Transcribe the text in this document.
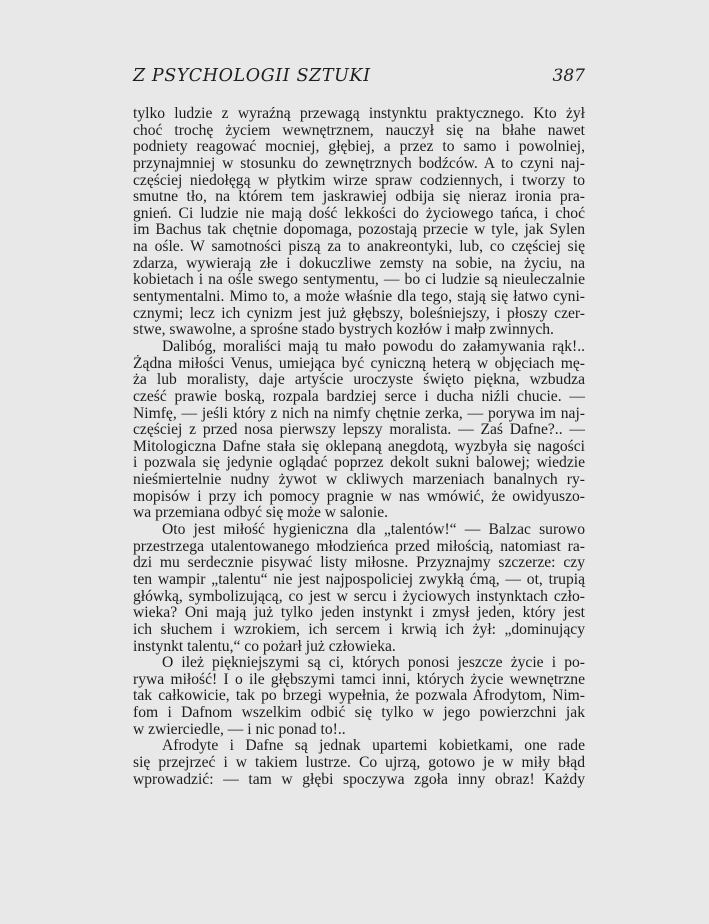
Z PSYCHOLOGII SZTUKI	387
tylko ludzie z wyraźną przewagą instynktu praktycznego. Kto żył
choć trochę życiem wewnętrznem, nauczył się na błahe nawet
podniety reagować mocniej, głębiej, a przez to samo i powolniej,
przynajmniej w stosunku do zewnętrznych bodźców. A to czyni naj-
częściej niedołęgą w płytkim wirze spraw codziennych, i tworzy to
smutne tło, na którem tem jaskrawiej odbija się nieraz ironia pra-
gnień. Ci ludzie nie mają dość lekkości do życiowego tańca, i choć
im Bachus tak chętnie dopomaga, pozostają przecie w tyle, jak Sylen
na ośle. W samotności piszą za to anakreontyki, lub, co częściej się
zdarza, wywierają złe i dokuczliwe zemsty na sobie, na życiu, na
kobietach i na ośle swego sentymentu, — bo ci ludzie są nieuleczalnie
sentymentalni. Mimo to, a może właśnie dla tego, stają się łatwo cyni-
cznymi; lecz ich cynizm jest już głębszy, boleśniejszy, i płoszy czer-
stwe, swawolne, a sprośne stado bystrych kozłów i małp zwinnych.
Dalibóg, moraliści mają tu mało powodu do załamywania rąk!..
Żądna miłości Venus, umiejąca być cyniczną heterą w objęciach mę-
ża lub moralisty, daje artyście uroczyste święto piękna, wzbudza
cześć prawie boską, rozpala bardziej serce i ducha niźli chucie. —
Nimfę, — jeśli który z nich na nimfy chętnie zerka, — porywa im naj-
częściej z przed nosa pierwszy lepszy moralista. — Zaś Dafne?.. —
Mitologiczna Dafne stała się oklepaną anegdotą, wyzbyła się nagości
i pozwala się jedynie oglądać poprzez dekolt sukni balowej; wiedzie
nieśmiertelnie nudny żywot w ckliwych marzeniach banalnych ry-
mopisów i przy ich pomocy pragnie w nas wmówić, że owidyuszo-
wa przemiana odbyć się może w salonie.
Oto jest miłość hygieniczna dla „talentów!“ — Balzac surowo
przestrzega utalentowanego młodzieńca przed miłością, natomiast ra-
dzi mu serdecznie pisywać listy miłosne. Przyznajmy szczerze: czy
ten wampir „talentu“ nie jest najpospoliciej zwykłą ćmą, — ot, trupią
główką, symbolizującą, co jest w sercu i życiowych instynktach czło-
wieka? Oni mają już tylko jeden instynkt i zmysł jeden, który jest
ich słuchem i wzrokiem, ich sercem i krwią ich żył: „dominujący
instynkt talentu,“ co pożarł już człowieka.
O ileż piękniejszymi są ci, których ponosi jeszcze życie i po-
rywa miłość! I o ile głębszymi tamci inni, których życie wewnętrzne
tak całkowicie, tak po brzegi wypełnia, że pozwala Afrodytom, Nim-
fom i Dafnom wszelkim odbić się tylko w jego powierzchni jak
w zwierciedle, — i nic ponad to!..
Afrodyte i Dafne są jednak upartemi kobietkami, one rade
się przejrzeć i w takiem lustrze. Co ujrzą, gotowo je w miły błąd
wprowadzić: — tam w głębi spoczywa zgoła inny obraz! Każdy
